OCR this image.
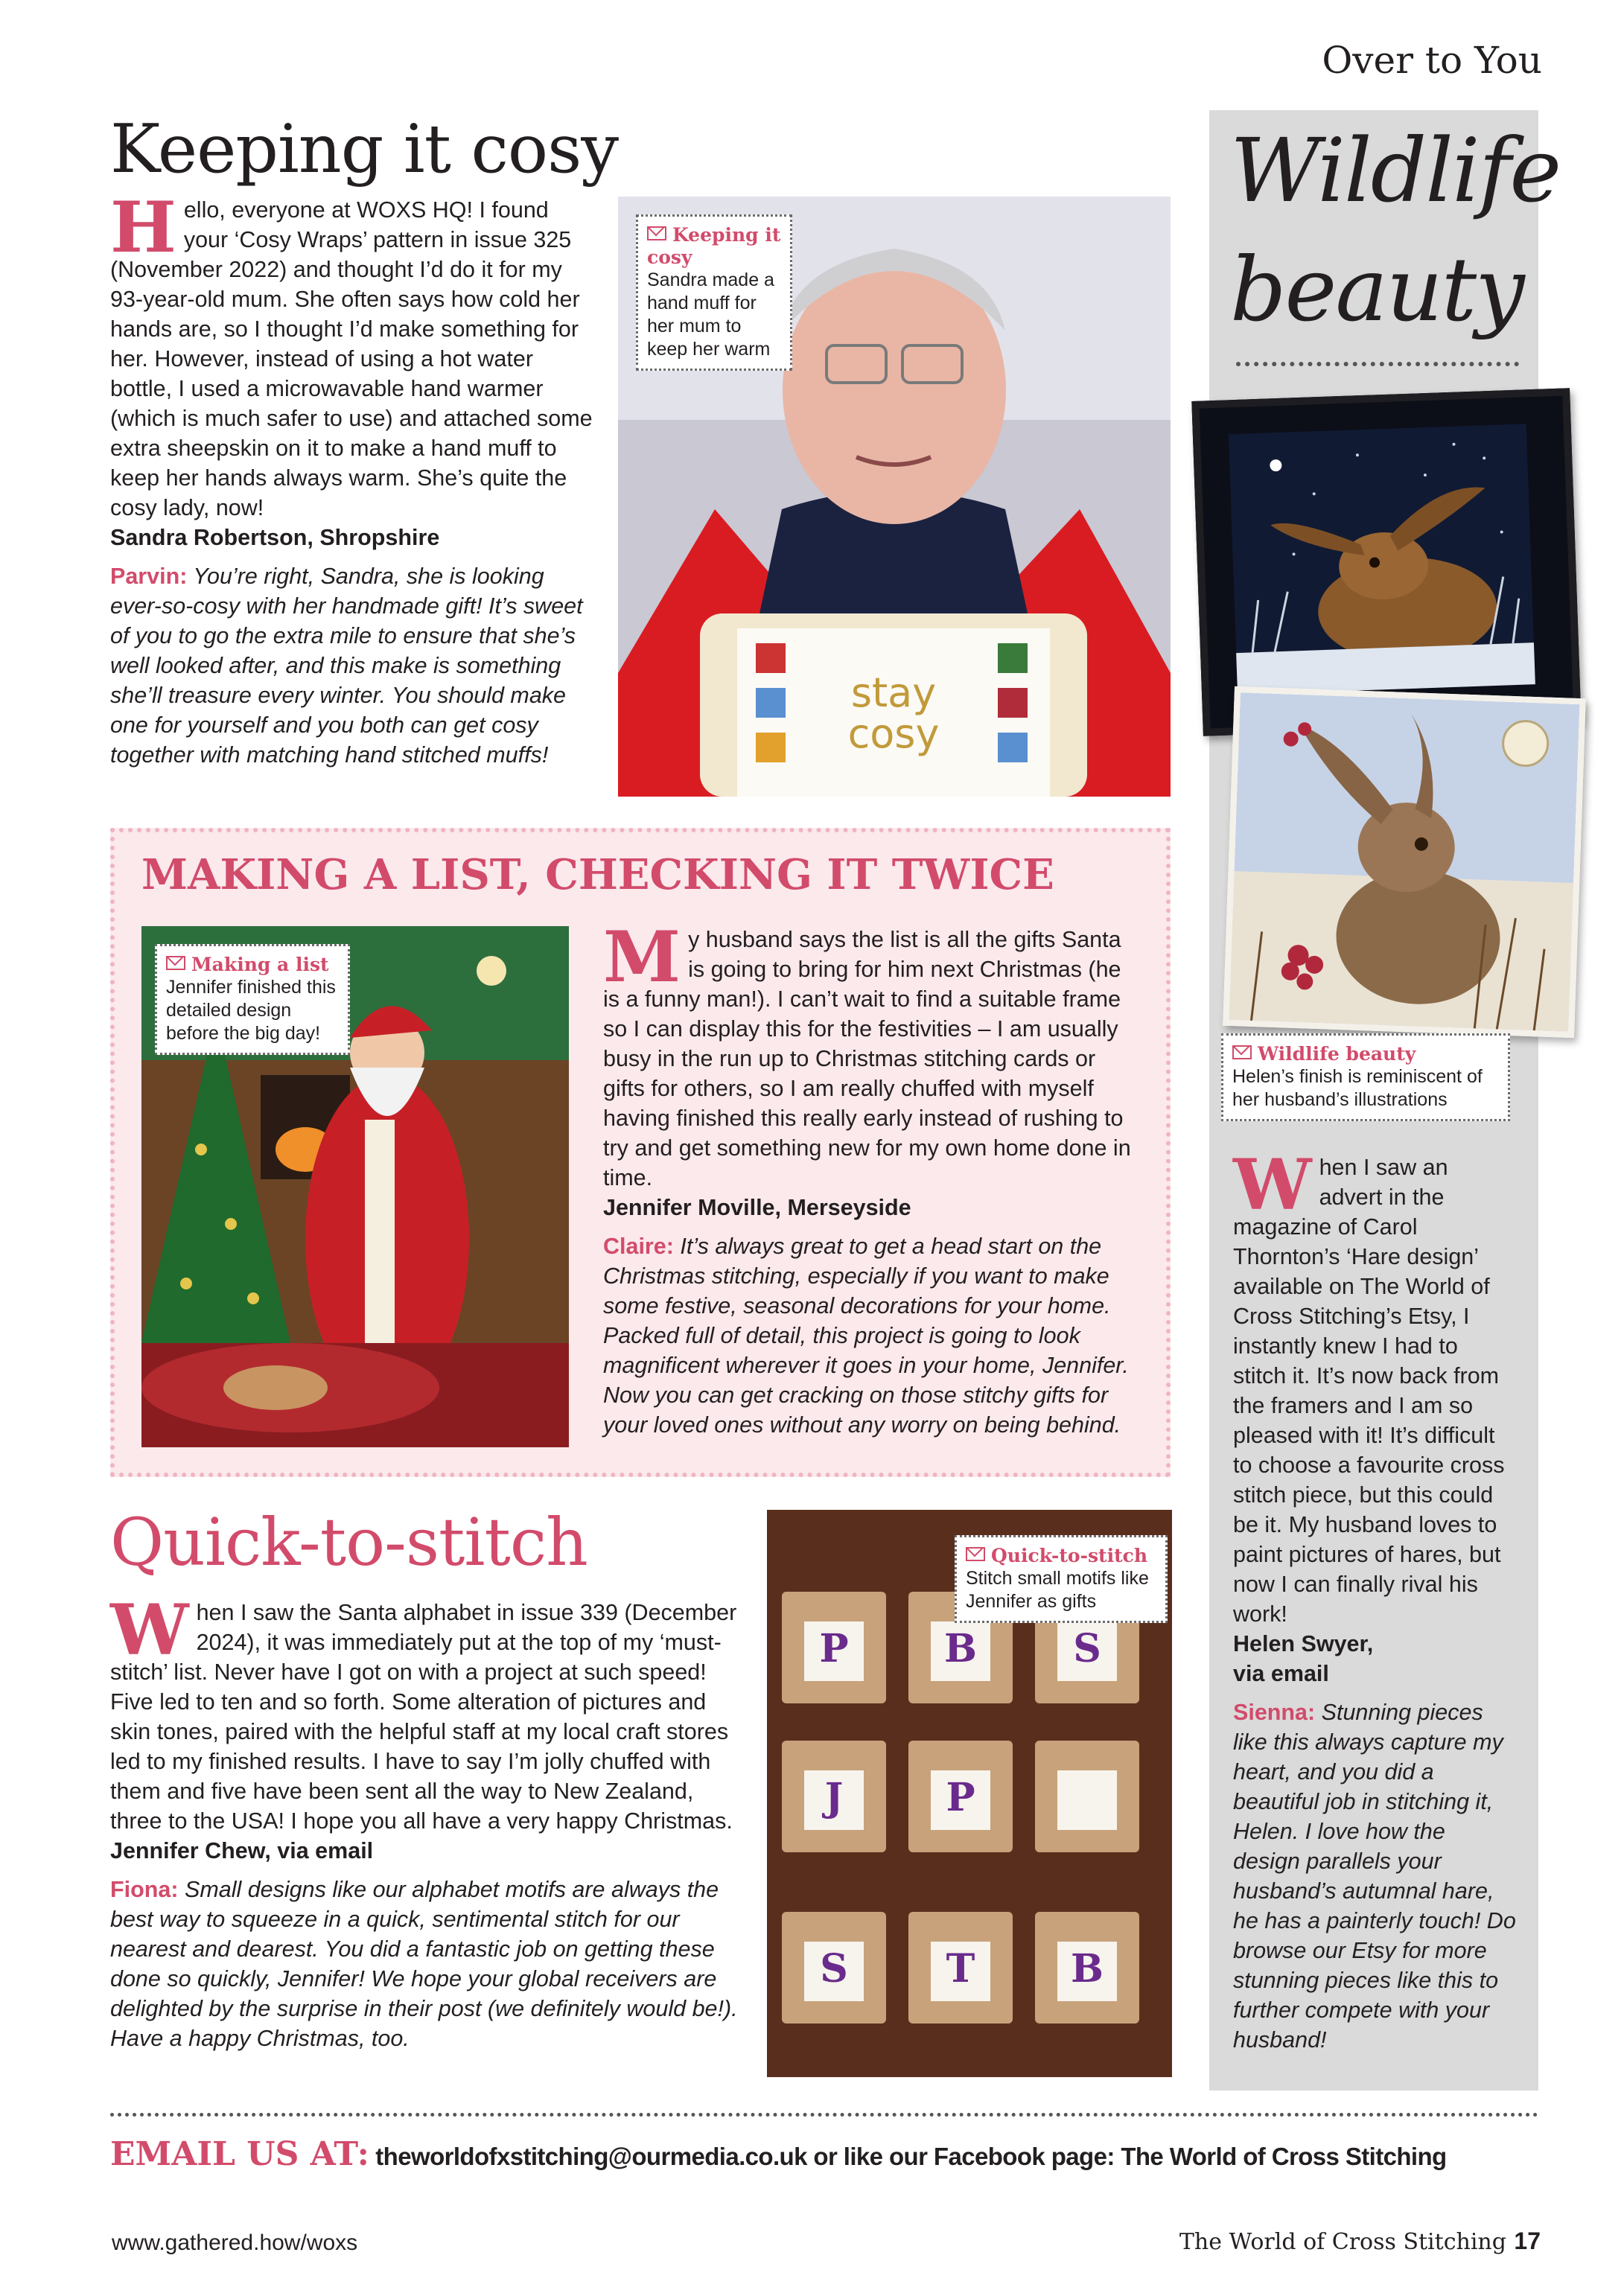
Over to You
Wildlife
beauty
Wildlife beauty
Helen’s finish is reminiscent of her husband’s illustrations
W hen I saw an advert in the magazine of Carol Thornton’s ‘Hare design’ available on The World of Cross Stitching’s Etsy, I instantly knew I had to stitch it. It’s now back from the framers and I am so pleased with it! It’s difficult to choose a favourite cross stitch piece, but this could be it. My husband loves to paint pictures of hares, but now I can finally rival his work!
Helen Swyer,
via email
Sienna: Stunning pieces like this always capture my heart, and you did a beautiful job in stitching it, Helen. I love how the design parallels your husband’s autumnal hare, he has a painterly touch! Do browse our Etsy for more stunning pieces like this to further compete with your husband!
Keeping it cosy
H ello, everyone at WOXS HQ! I found your ‘Cosy Wraps’ pattern in issue 325 (November 2022) and thought I’d do it for my 93-year-old mum. She often says how cold her hands are, so I thought I’d make something for her. However, instead of using a hot water bottle, I used a microwavable hand warmer (which is much safer to use) and attached some extra sheepskin on it to make a hand muff to keep her hands always warm. She’s quite the cosy lady, now!
Sandra Robertson, Shropshire
Parvin: You’re right, Sandra, she is looking ever-so-cosy with her handmade gift! It’s sweet of you to go the extra mile to ensure that she’s well looked after, and this make is something she’ll treasure every winter. You should make one for yourself and you both can get cosy together with matching hand stitched muffs!
stay
cosy
Keeping it cosy
Sandra made a hand muff for her mum to keep her warm
MAKING A LIST, CHECKING IT TWICE
Making a list
Jennifer finished this detailed design before the big day!
M y husband says the list is all the gifts Santa is going to bring for him next Christmas (he is a funny man!). I can’t wait to find a suitable frame so I can display this for the festivities – I am usually busy in the run up to Christmas stitching cards or gifts for others, so I am really chuffed with myself having finished this really early instead of rushing to try and get something new for my own home done in time.
Jennifer Moville, Merseyside
Claire: It’s always great to get a head start on the Christmas stitching, especially if you want to make some festive, seasonal decorations for your home. Packed full of detail, this project is going to look magnificent wherever it goes in your home, Jennifer. Now you can get cracking on those stitchy gifts for your loved ones without any worry on being behind.
Quick-to-stitch
W hen I saw the Santa alphabet in issue 339 (December 2024), it was immediately put at the top of my ‘must-stitch’ list. Never have I got on with a project at such speed! Five led to ten and so forth. Some alteration of pictures and skin tones, paired with the helpful staff at my local craft stores led to my finished results. I have to say I’m jolly chuffed with them and five have been sent all the way to New Zealand, three to the USA! I hope you all have a very happy Christmas.
Jennifer Chew, via email
Fiona: Small designs like our alphabet motifs are always the best way to squeeze in a quick, sentimental stitch for our nearest and dearest. You did a fantastic job on getting these done so quickly, Jennifer! We hope your global receivers are delighted by the surprise in their post (we definitely would be!). Have a happy Christmas, too.
P	B	S
P
S	T	B
J
Quick-to-stitch
Stitch small motifs like Jennifer as gifts
EMAIL US AT: theworldofxstitching@ourmedia.co.uk or like our Facebook page: The World of Cross Stitching
www.gathered.how/woxs	The World of Cross Stitching 17
